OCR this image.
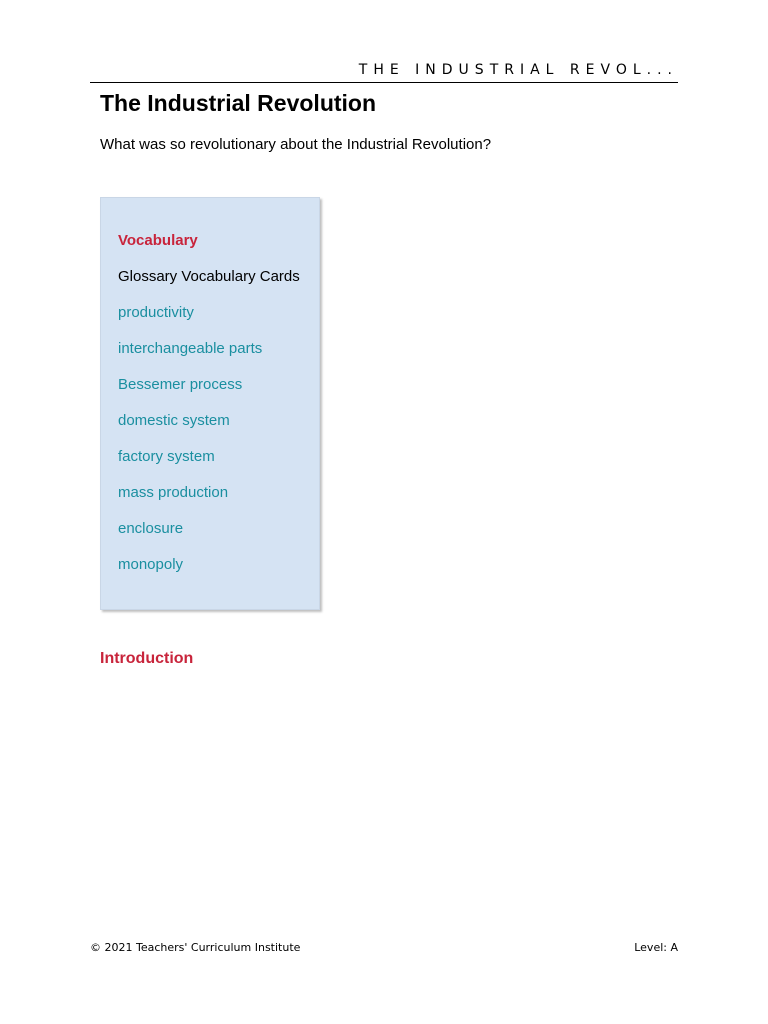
THE INDUSTRIAL REVOL...
The Industrial Revolution

What was so revolutionary about the Industrial Revolution?

Vocabulary

Glossary Vocabulary Cards

productivity
interchangeable parts
Bessemer process
domestic system
factory system
mass production
enclosure
monopoly
Introduction
© 2021 Teachers' Curriculum Institute	Level: A
